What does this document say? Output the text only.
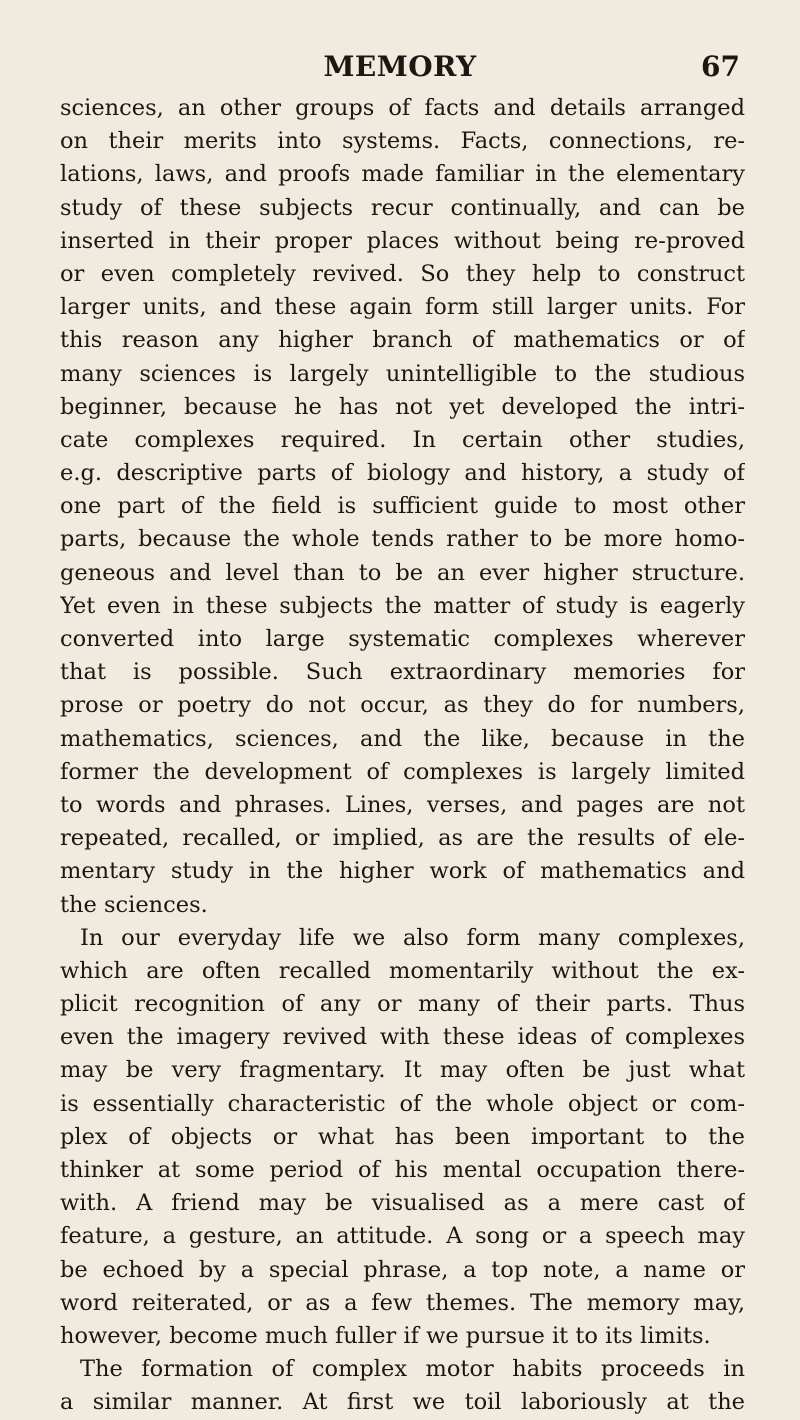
MEMORY	67
sciences, an other groups of facts and details arranged
on their merits into systems. Facts, connections, re-
lations, laws, and proofs made familiar in the elementary
study of these subjects recur continually, and can be
inserted in their proper places without being re-proved
or even completely revived. So they help to construct
larger units, and these again form still larger units. For
this reason any higher branch of mathematics or of
many sciences is largely unintelligible to the studious
beginner, because he has not yet developed the intri-
cate complexes required. In certain other studies,
e.g. descriptive parts of biology and history, a study of
one part of the field is sufficient guide to most other
parts, because the whole tends rather to be more homo-
geneous and level than to be an ever higher structure.
Yet even in these subjects the matter of study is eagerly
converted into large systematic complexes wherever
that is possible. Such extraordinary memories for
prose or poetry do not occur, as they do for numbers,
mathematics, sciences, and the like, because in the
former the development of complexes is largely limited
to words and phrases. Lines, verses, and pages are not
repeated, recalled, or implied, as are the results of ele-
mentary study in the higher work of mathematics and
the sciences.
In our everyday life we also form many complexes,
which are often recalled momentarily without the ex-
plicit recognition of any or many of their parts. Thus
even the imagery revived with these ideas of complexes
may be very fragmentary. It may often be just what
is essentially characteristic of the whole object or com-
plex of objects or what has been important to the
thinker at some period of his mental occupation there-
with. A friend may be visualised as a mere cast of
feature, a gesture, an attitude. A song or a speech may
be echoed by a special phrase, a top note, a name or
word reiterated, or as a few themes. The memory may,
however, become much fuller if we pursue it to its limits.
The formation of complex motor habits proceeds in
a similar manner. At first we toil laboriously at the
